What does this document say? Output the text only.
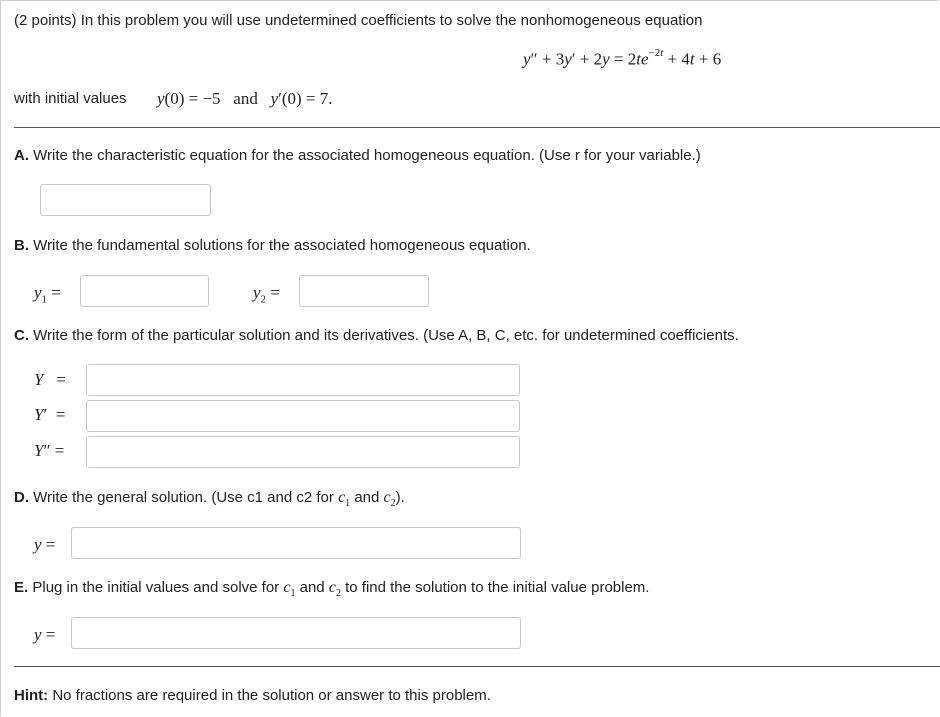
(2 points) In this problem you will use undetermined coefficients to solve the nonhomogeneous equation
$y'' + 3y' + 2y = 2te^{-2t} + 4t + 6$
with initial values y(0) = −5   and   y′(0) = 7.
A. Write the characteristic equation for the associated homogeneous equation. (Use r for your variable.)
B. Write the fundamental solutions for the associated homogeneous equation.
$y_1$ =	$y_2$ =
C. Write the form of the particular solution and its derivatives. (Use A, B, C, etc. for undetermined coefficients.
Y   =
Y′  =
Y″ =
D. Write the general solution. (Use c1 and c2 for $c_1$ and $c_2$).
y =
E. Plug in the initial values and solve for $c_1$ and $c_2$ to find the solution to the initial value problem.
y =
Hint: No fractions are required in the solution or answer to this problem.
